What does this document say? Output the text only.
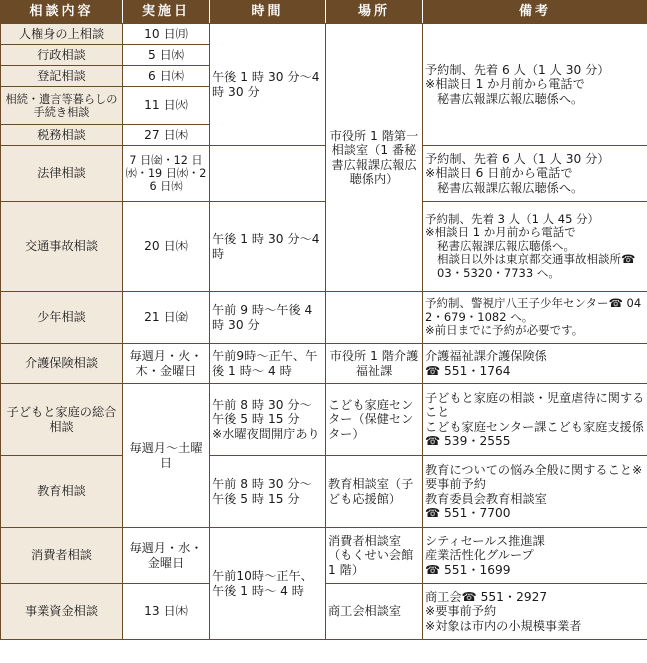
相談内容	実施日	時間	場所	備考
人権身の上相談	10 日㈪	午後 1 時 30 分〜4 時 30 分	市役所 1 階第一相談室（1 番秘書広報課広報広聴係内）	予約制、先着 6 人（1 人 30 分）
※相談日 1 か月前から電話で
秘書広報課広報広聴係へ。

行政相談	5 日㈬			
登記相談	6 日㈭			
相続・遺言等暮らしの手続き相談	11 日㈫			
税務相談	27 日㈭			
法律相談	7 日㈮・12 日㈬・19 日㈬・26 日㈬			予約制、先着 6 人（1 人 30 分）
※相談日 6 日前から電話で
秘書広報課広報広聴係へ。

交通事故相談	20 日㈭	午後 1 時 30 分〜4 時		予約制、先着 3 人（1 人 45 分）
※相談日 1 か月前から電話で
秘書広報課広報広聴係へ。
相談日以外は東京都交通事故相談所☎ 03・5320・7733 へ。

少年相談	21 日㈮	午前 9 時〜午後 4 時 30 分		予約制、警視庁八王子少年センター☎ 042・679・1082 へ。
※前日までに予約が必要です。

介護保険相談	毎週月・火・木・金曜日	午前9時〜正午、午後 1 時〜 4 時	市役所 1 階介護福祉課	介護福祉課介護保険係
☎ 551・1764

子どもと家庭の総合相談	毎週月〜土曜日	午前 8 時 30 分〜午後 5 時 15 分
※水曜夜間開庁あり	こども家庭センター（保健センター）	子どもと家庭の相談・児童虐待に関すること
こども家庭センター課こども家庭支援係☎ 539・2555

教育相談		午前 8 時 30 分〜午後 5 時 15 分	教育相談室（子ども応援館）	教育についての悩み全般に関すること※要事前予約
教育委員会教育相談室
☎ 551・7700

消費者相談	毎週月・水・金曜日	午前10時〜正午、午後 1 時〜 4 時	消費者相談室（もくせい会館 1 階）	シティセールス推進課
産業活性化グループ
☎ 551・1699

事業資金相談	13 日㈭		商工会相談室	商工会☎ 551・2927
※要事前予約
※対象は市内の小規模事業者
